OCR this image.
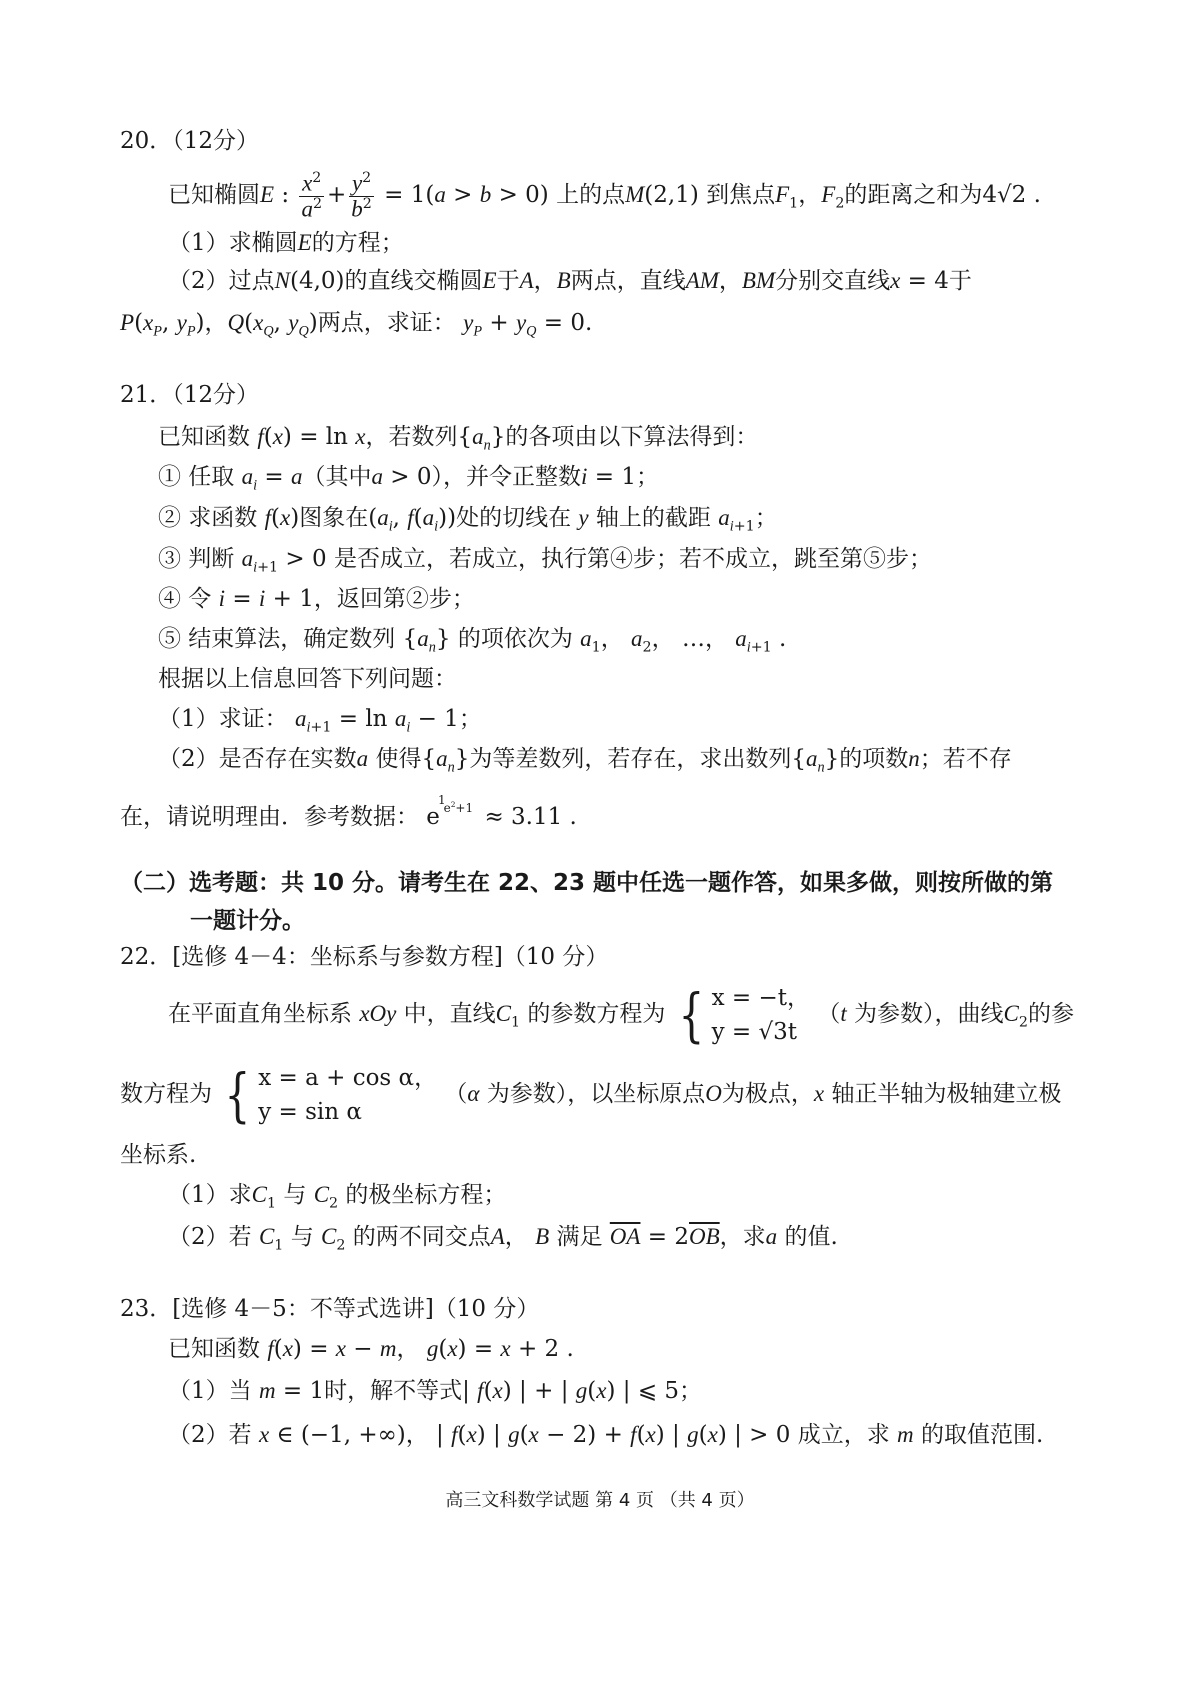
20．（12分）
已知椭圆E : $\frac{x^2}{a^2} + \frac{y^2}{b^2} = 1(a > b > 0)$ 上的点M(2,1) 到焦点$F_1$，$F_2$的距离之和为4√2 .
（1）求椭圆E的方程；
（2）过点N(4,0)的直线交椭圆E于A，B两点，直线AM，BM分别交直线x = 4于
$P(x_P$, $y_P$)，$Q(x_Q$, $y_Q$)两点，求证： $y_P + y_Q = 0$.
21．（12分）
已知函数 f(x) = ln x，若数列$\{a_n\}$的各项由以下算法得到：
① 任取 $a_i = a$（其中a > 0），并令正整数i = 1；
② 求函数 f(x)图象在($a_i$, $f(a_i)$)处的切线在 y 轴上的截距 $a_{i+1}$；
③ 判断 $a_{i+1} > 0$ 是否成立，若成立，执行第④步；若不成立，跳至第⑤步；
④ 令 i = i + 1，返回第②步；
⑤ 结束算法，确定数列 $\{a_n\}$ 的项依次为 $a_1$， $a_2$， …， $a_{i+1}$ .
根据以上信息回答下列问题：
（1）求证： $a_{i+1} = \ln a_i - 1$；
（2）是否存在实数a 使得$\{a_n\}$为等差数列，若存在，求出数列$\{a_n\}$的项数n；若不存
在，请说明理由．参考数据： $e^{1e^2+1} \approx 3.11$ .
（二）选考题：共 10 分。请考生在 22、23 题中任选一题作答，如果多做，则按所做的第
一题计分。
22．[选修 4－4：坐标系与参数方程]（10 分）
在平面直角坐标系 xOy 中，直线$C_1$ 的参数方程为 { x = −t，
y = √3t
（t 为参数），曲线$C_2$的参
数方程为 { x = a + cos α，
y = sin α
（α 为参数），以坐标原点O为极点，x 轴正半轴为极轴建立极
坐标系.
（1）求$C_1$ 与 $C_2$ 的极坐标方程；
（2）若 $C_1$ 与 $C_2$ 的两不同交点A， B 满足 $\overline{OA} = 2\overline{OB}$，求a 的值.
23．[选修 4－5：不等式选讲]（10 分）
已知函数 f(x) = x − m， g(x) = x + 2 .
（1）当 m = 1时，解不等式| f(x) | + | g(x) | ⩽ 5；
（2）若 x ∈ (−1, +∞)， | f(x) | g(x − 2) + f(x) | g(x) | > 0 成立，求 m 的取值范围.
高三文科数学试题 第 4 页 （共 4 页）
